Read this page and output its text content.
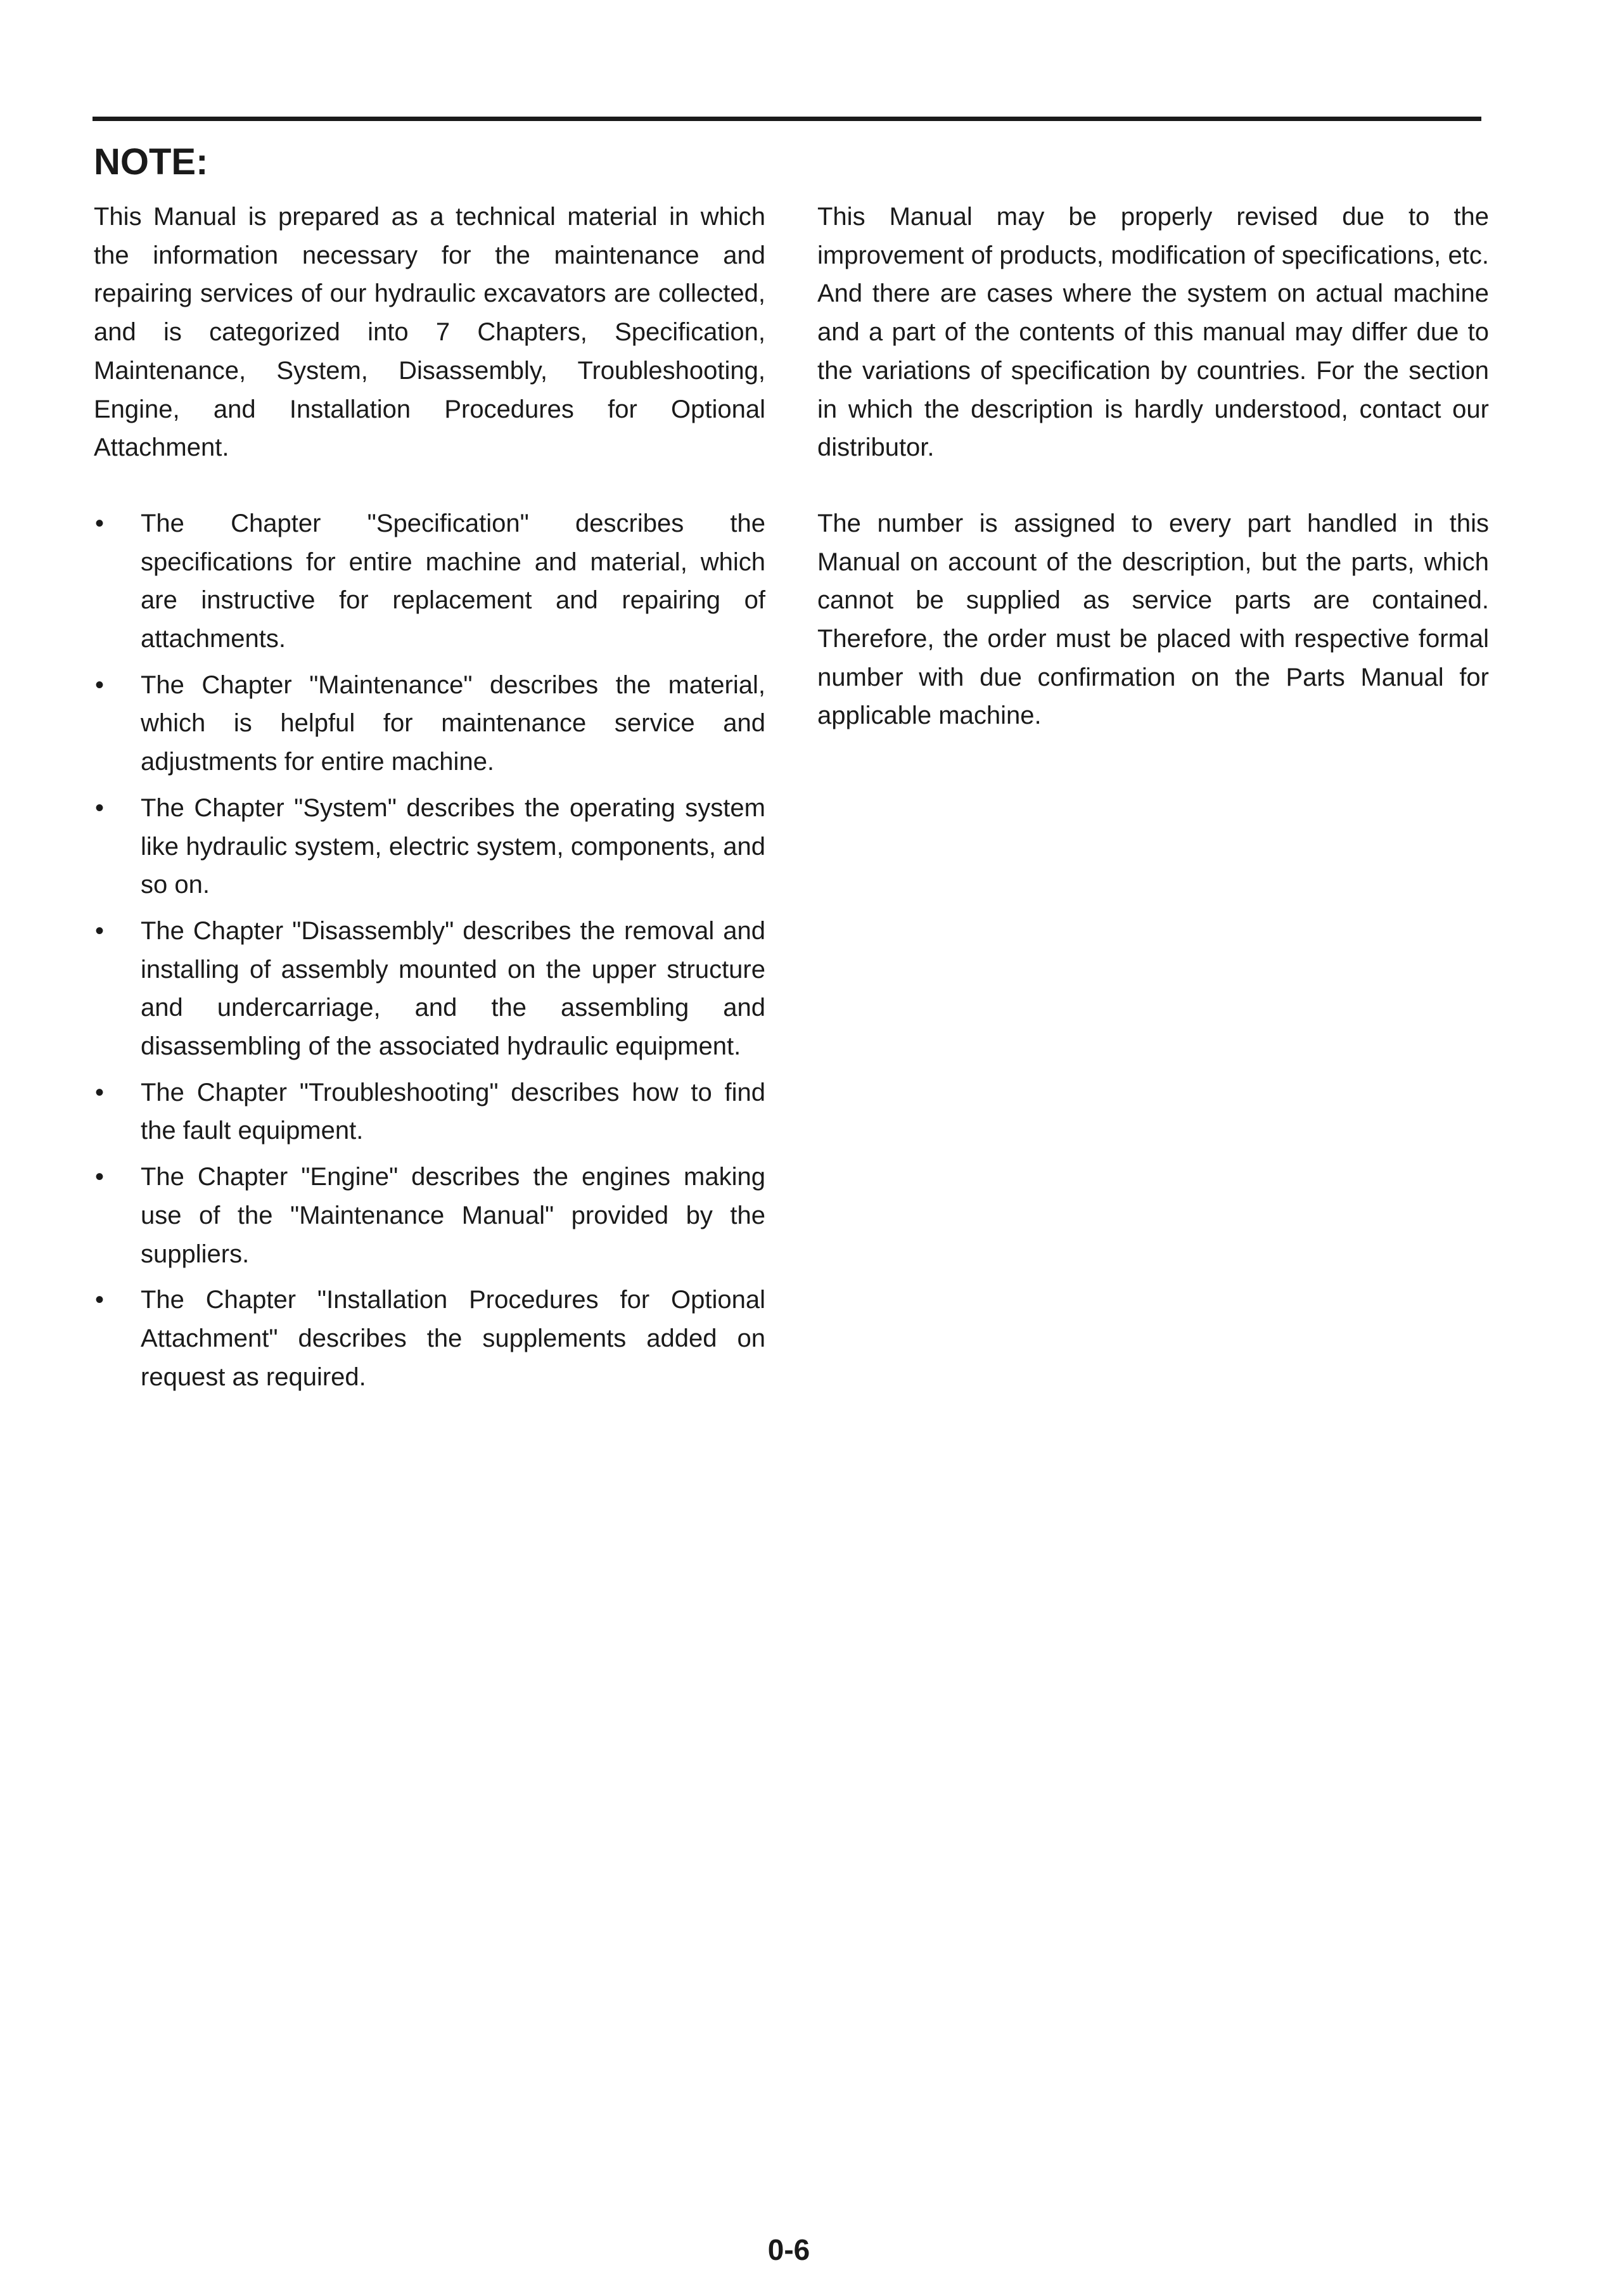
NOTE:

This Manual is prepared as a technical material in which the information necessary for the maintenance and repairing services of our hydraulic excavators are collected, and is categorized into 7 Chapters, Specification, Maintenance, System, Disassembly, Troubleshooting, Engine, and Installation Procedures for Optional Attachment.

• The Chapter "Specification" describes the specifications for entire machine and material, which are instructive for replacement and repairing of attachments.
• The Chapter "Maintenance" describes the material, which is helpful for maintenance service and adjustments for entire machine.
• The Chapter "System" describes the operating system like hydraulic system, electric system, components, and so on.
• The Chapter "Disassembly" describes the removal and installing of assembly mounted on the upper structure and undercarriage, and the assembling and disassembling of the associated hydraulic equipment.
• The Chapter "Troubleshooting" describes how to find the fault equipment.
• The Chapter "Engine" describes the engines making use of the "Maintenance Manual" provided by the suppliers.
• The Chapter "Installation Procedures for Optional Attachment" describes the supplements added on request as required.

This Manual may be properly revised due to the improvement of products, modification of specifications, etc. And there are cases where the system on actual machine and a part of the contents of this manual may differ due to the variations of specification by countries. For the section in which the description is hardly understood, contact our distributor.

The number is assigned to every part handled in this Manual on account of the description, but the parts, which cannot be supplied as service parts are contained. Therefore, the order must be placed with respective formal number with due confirmation on the Parts Manual for applicable machine.

0-6
